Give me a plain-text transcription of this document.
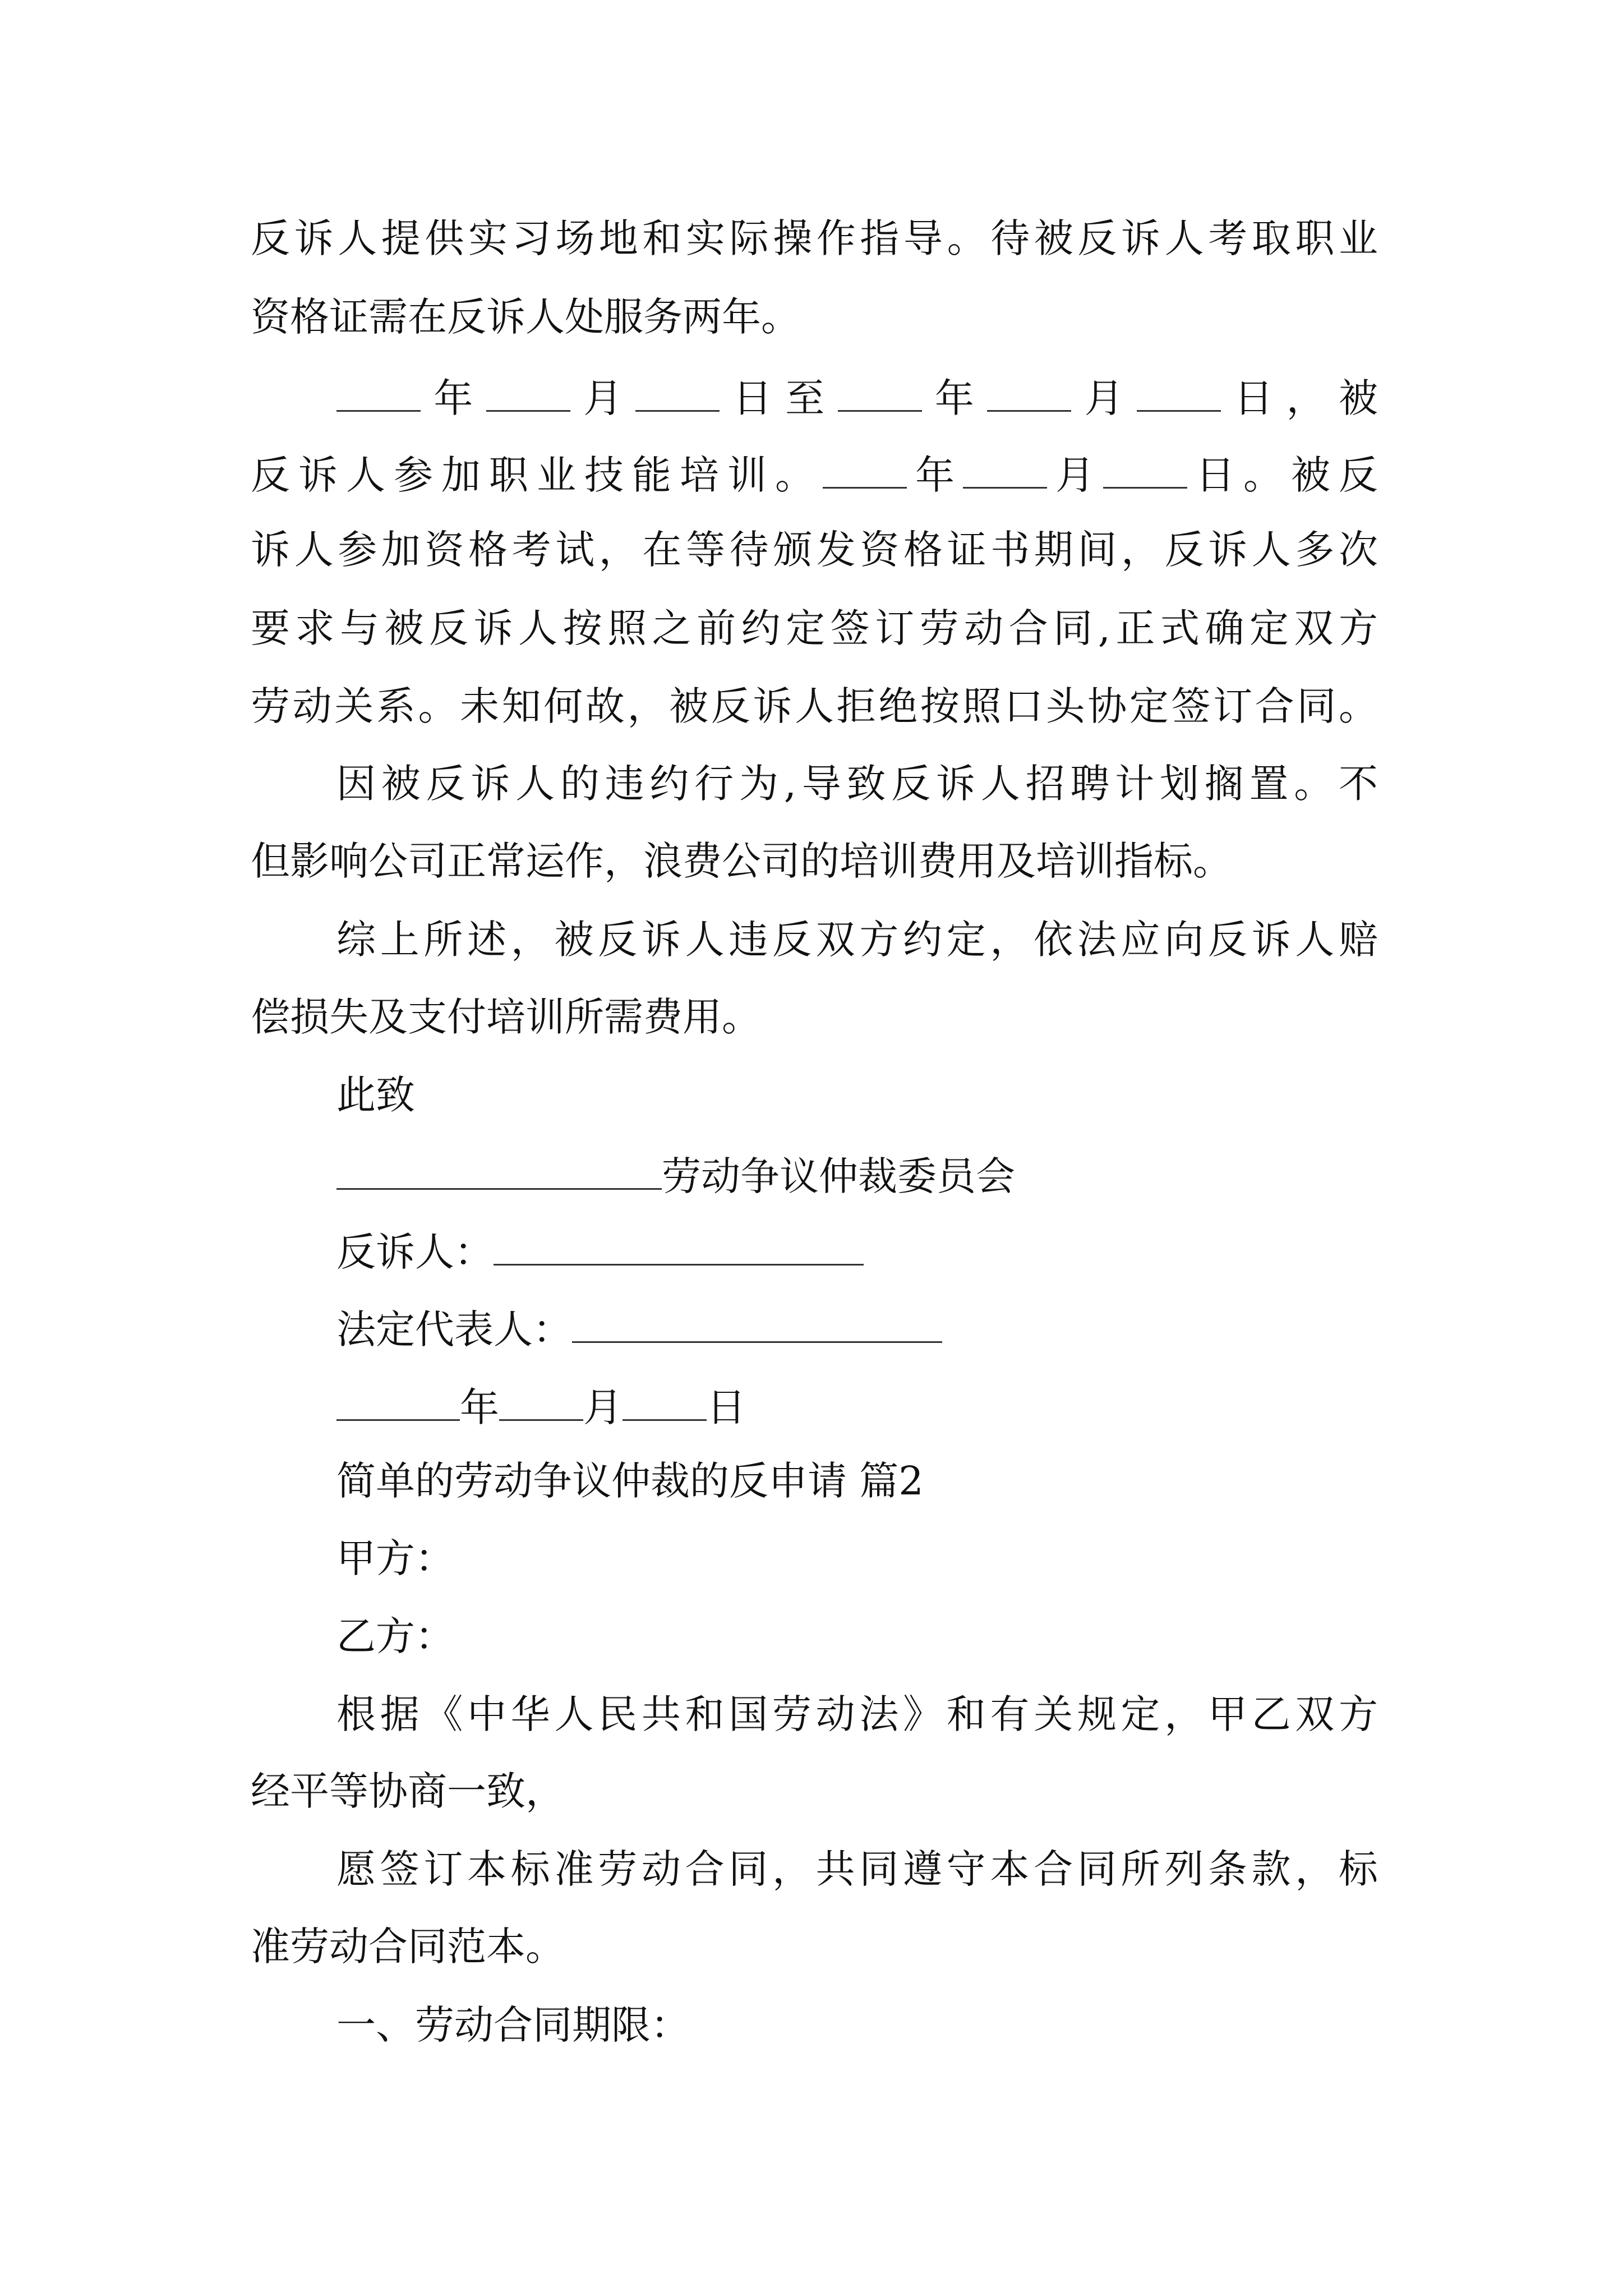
反诉人提供实习场地和实际操作指导。待被反诉人考取职业

资格证需在反诉人处服务两年。

年 月 日至 年 月 日，被

反诉人参加职业技能培训。 年 月 日。被反

诉人参加资格考试，在等待颁发资格证书期间，反诉人多次

要求与被反诉人按照之前约定签订劳动合同,正式确定双方

劳动关系。未知何故，被反诉人拒绝按照口头协定签订合同。

因被反诉人的违约行为,导致反诉人招聘计划搁置。不

但影响公司正常运作，浪费公司的培训费用及培训指标。

综上所述，被反诉人违反双方约定，依法应向反诉人赔

偿损失及支付培训所需费用。

此致

劳动争议仲裁委员会

反诉人：

法定代表人：

年 月 日

简单的劳动争议仲裁的反申请 篇2

甲方：

乙方：

根据《中华人民共和国劳动法》和有关规定，甲乙双方

经平等协商一致，

愿签订本标准劳动合同，共同遵守本合同所列条款，标

准劳动合同范本。

一、劳动合同期限：
